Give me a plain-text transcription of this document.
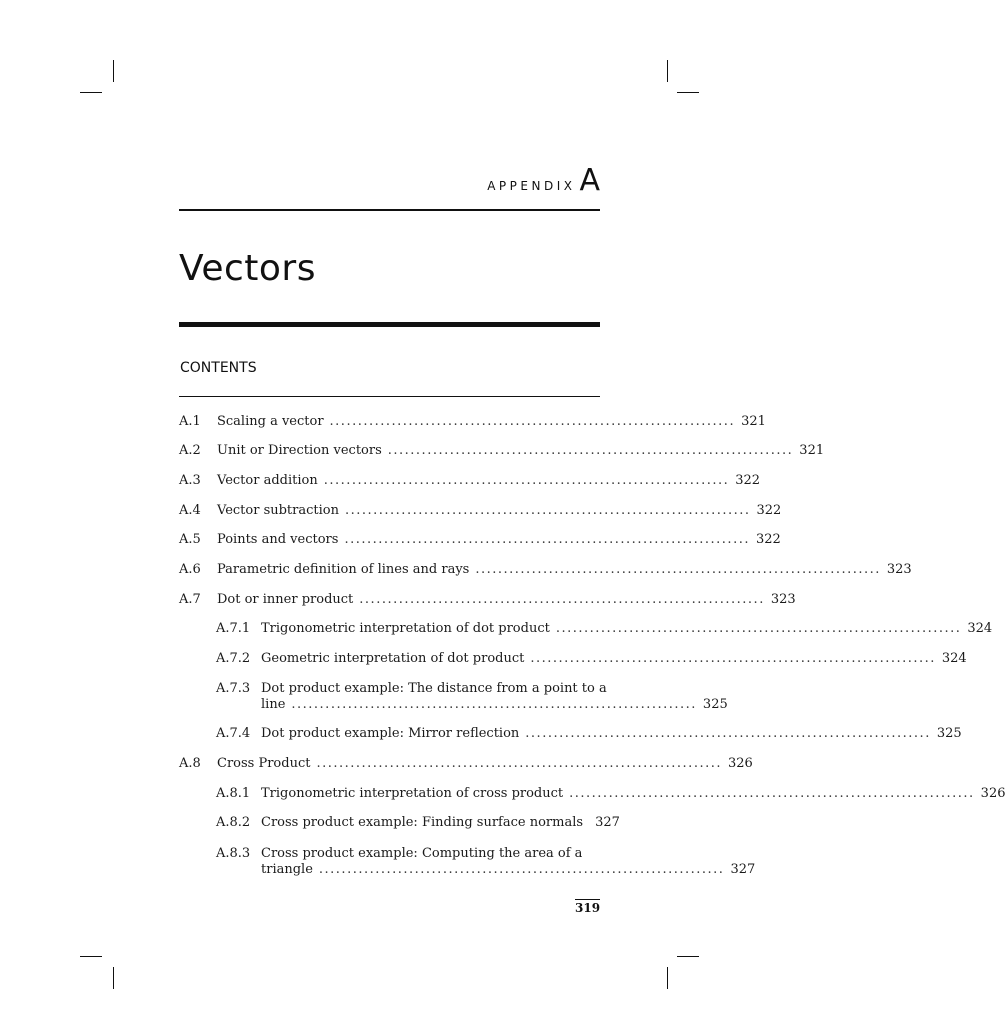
APPENDIX A
Vectors
CONTENTS
A.1 Scaling a vector ........................................................................ 321
A.2 Unit or Direction vectors ........................................................................ 321
A.3 Vector addition ........................................................................ 322
A.4 Vector subtraction ........................................................................ 322
A.5 Points and vectors ........................................................................ 322
A.6 Parametric definition of lines and rays ........................................................................ 323
A.7 Dot or inner product ........................................................................ 323
A.7.1 Trigonometric interpretation of dot product ........................................................................ 324
A.7.2 Geometric interpretation of dot product ........................................................................ 324
A.7.3 Dot product example: The distance from a point to a
line ........................................................................ 325
A.7.4 Dot product example: Mirror reflection ........................................................................ 325
A.8 Cross Product ........................................................................ 326
A.8.1 Trigonometric interpretation of cross product ........................................................................ 326
A.8.2 Cross product example: Finding surface normals 327
A.8.3 Cross product example: Computing the area of a
triangle ........................................................................ 327
319
